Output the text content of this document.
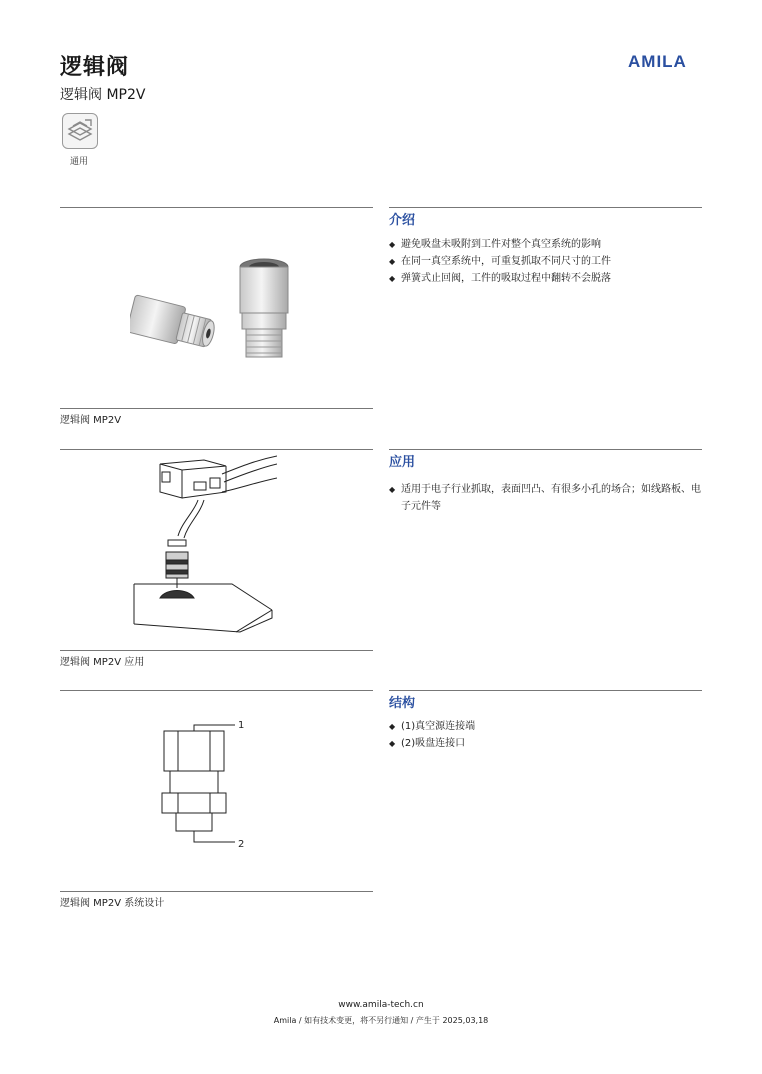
逻辑阀
逻辑阀 MP2V
AMILA
通用
介绍
◆ 避免吸盘未吸附到工件对整个真空系统的影响
◆ 在同一真空系统中，可重复抓取不同尺寸的工件
◆ 弹簧式止回阀，工件的吸取过程中翻转不会脱落
逻辑阀 MP2V
应用
◆ 适用于电子行业抓取，表面凹凸、有很多小孔的场合；如线路板、电子元件等
逻辑阀 MP2V 应用
结构
◆ (1)真空源连接端
◆ (2)吸盘连接口
1
2
逻辑阀 MP2V 系统设计
www.amila-tech.cn
Amila / 如有技术变更，将不另行通知 / 产生于 2025,03,18
